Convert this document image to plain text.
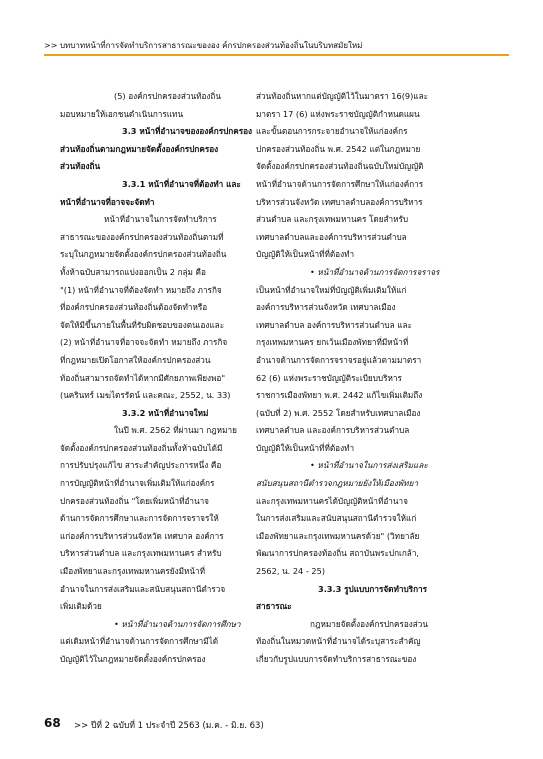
>> บทบาทหน้าที่การจัดทำบริการสาธารณะขององ ค์กรปกครองส่วนท้องถิ่นในบริบทสมัยใหม่
(5) องค์กรปกครองส่วนท้องถิ่น
มอบหมายให้เอกชนดำเนินการแทน
3.3 หน้าที่อำนาจขององค์กรปกครอง
ส่วนท้องถิ่นตามกฎหมายจัดตั้งองค์กรปกครอง
ส่วนท้องถิ่น
3.3.1 หน้าที่อำนาจที่ต้องทำ และ
หน้าที่อำนาจที่อาจจะจัดทำ
หน้าที่อำนาจในการจัดทำบริการ
สาธารณะขององค์กรปกครองส่วนท้องถิ่นตามที่
ระบุในกฎหมายจัดตั้งองค์กรปกครองส่วนท้องถิ่น
ทั้งห้าฉบับสามารถแบ่งออกเป็น 2 กลุ่ม คือ
"(1) หน้าที่อำนาจที่ต้องจัดทำ หมายถึง ภารกิจ
ที่องค์กรปกครองส่วนท้องถิ่นต้องจัดทำหรือ
จัดให้มีขึ้นภายในพื้นที่รับผิดชอบของตนเองและ
(2) หน้าที่อำนาจที่อาจจะจัดทำ หมายถึง ภารกิจ
ที่กฎหมายเปิดโอกาสให้องค์กรปกครองส่วน
ท้องถิ่นสามารถจัดทำได้หากมีศักยภาพเพียงพอ"
(นครินทร์ เมฆไตรรัตน์ และคณะ, 2552, น. 33)
3.3.2 หน้าที่อำนาจใหม่
ในปี พ.ศ. 2562 ที่ผ่านมา กฎหมาย
จัดตั้งองค์กรปกครองส่วนท้องถิ่นทั้งห้าฉบับได้มี
การปรับปรุงแก้ไข สาระสำคัญประการหนึ่ง คือ
การบัญญัติหน้าที่อำนาจเพิ่มเติมให้แก่องค์กร
ปกครองส่วนท้องถิ่น "โดยเพิ่มหน้าที่อำนาจ
ด้านการจัดการศึกษาและการจัดการจราจรให้
แก่องค์การบริหารส่วนจังหวัด เทศบาล องค์การ
บริหารส่วนตำบล และกรุงเทพมหานคร สำหรับ
เมืองพัทยาและกรุงเทพมหานครยังมีหน้าที่
อำนาจในการส่งเสริมและสนับสนุนสถานีตำรวจ
เพิ่มเติมด้วย
• หน้าที่อำนาจด้านการจัดการศึกษา
แต่เดิมหน้าที่อำนาจด้านการจัดการศึกษามีได้
บัญญัติไว้ในกฎหมายจัดตั้งองค์กรปกครอง
ส่วนท้องถิ่นหากแต่บัญญัติไว้ในมาตรา 16(9)และ
มาตรา 17 (6) แห่งพระราชบัญญัติกำหนดแผน
และขั้นตอนการกระจายอำนาจให้แก่องค์กร
ปกครองส่วนท้องถิ่น พ.ศ. 2542 แต่ในกฎหมาย
จัดตั้งองค์กรปกครองส่วนท้องถิ่นฉบับใหม่บัญญัติ
หน้าที่อำนาจด้านการจัดการศึกษาให้แก่องค์การ
บริหารส่วนจังหวัด เทศบาลตำบลองค์การบริหาร
ส่วนตำบล และกรุงเทพมหานคร โดยสำหรับ
เทศบาลตำบลและองค์การบริหารส่วนตำบล
บัญญัติให้เป็นหน้าที่ที่ต้องทำ
• หน้าที่อำนาจด้านการจัดการจราจร
เป็นหน้าที่อำนาจใหม่ที่บัญญัติเพิ่มเติมให้แก่
องค์การบริหารส่วนจังหวัด เทศบาลเมือง
เทศบาลตำบล องค์การบริหารส่วนตำบล และ
กรุงเทพมหานคร ยกเว้นเมืองพัทยาที่มีหน้าที่
อำนาจด้านการจัดการจราจรอยู่แล้วตามมาตรา
62 (6) แห่งพระราชบัญญัติระเบียบบริหาร
ราชการเมืองพัทยา พ.ศ. 2442 แก้ไขเพิ่มเติมถึง
(ฉบับที่ 2) พ.ศ. 2552 โดยสำหรับเทศบาลเมือง
เทศบาลตำบล และองค์การบริหารส่วนตำบล
บัญญัติให้เป็นหน้าที่ที่ต้องทำ
• หน้าที่อำนาจในการส่งเสริมและ
สนับสนุนสถานีตำรวจกฎหมายยังให้เมืองพัทยา
และกรุงเทพมหานครได้บัญญัติหน้าที่อำนาจ
ในการส่งเสริมและสนับสนุนสถานีตำรวจให้แก่
เมืองพัทยาและกรุงเทพมหานครด้วย" (วิทยาลัย
พัฒนาการปกครองท้องถิ่น สถาบันพระปกเกล้า,
2562, น. 24 - 25)
3.3.3 รูปแบบการจัดทำบริการ
สาธารณะ
กฎหมายจัดตั้งองค์กรปกครองส่วน
ท้องถิ่นในหมวดหน้าที่อำนาจได้ระบุสาระสำคัญ
เกี่ยวกับรูปแบบการจัดทำบริการสาธารณะของ
68 >> ปีที่ 2 ฉบับที่ 1 ประจำปี 2563 (ม.ค. - มิ.ย. 63)
